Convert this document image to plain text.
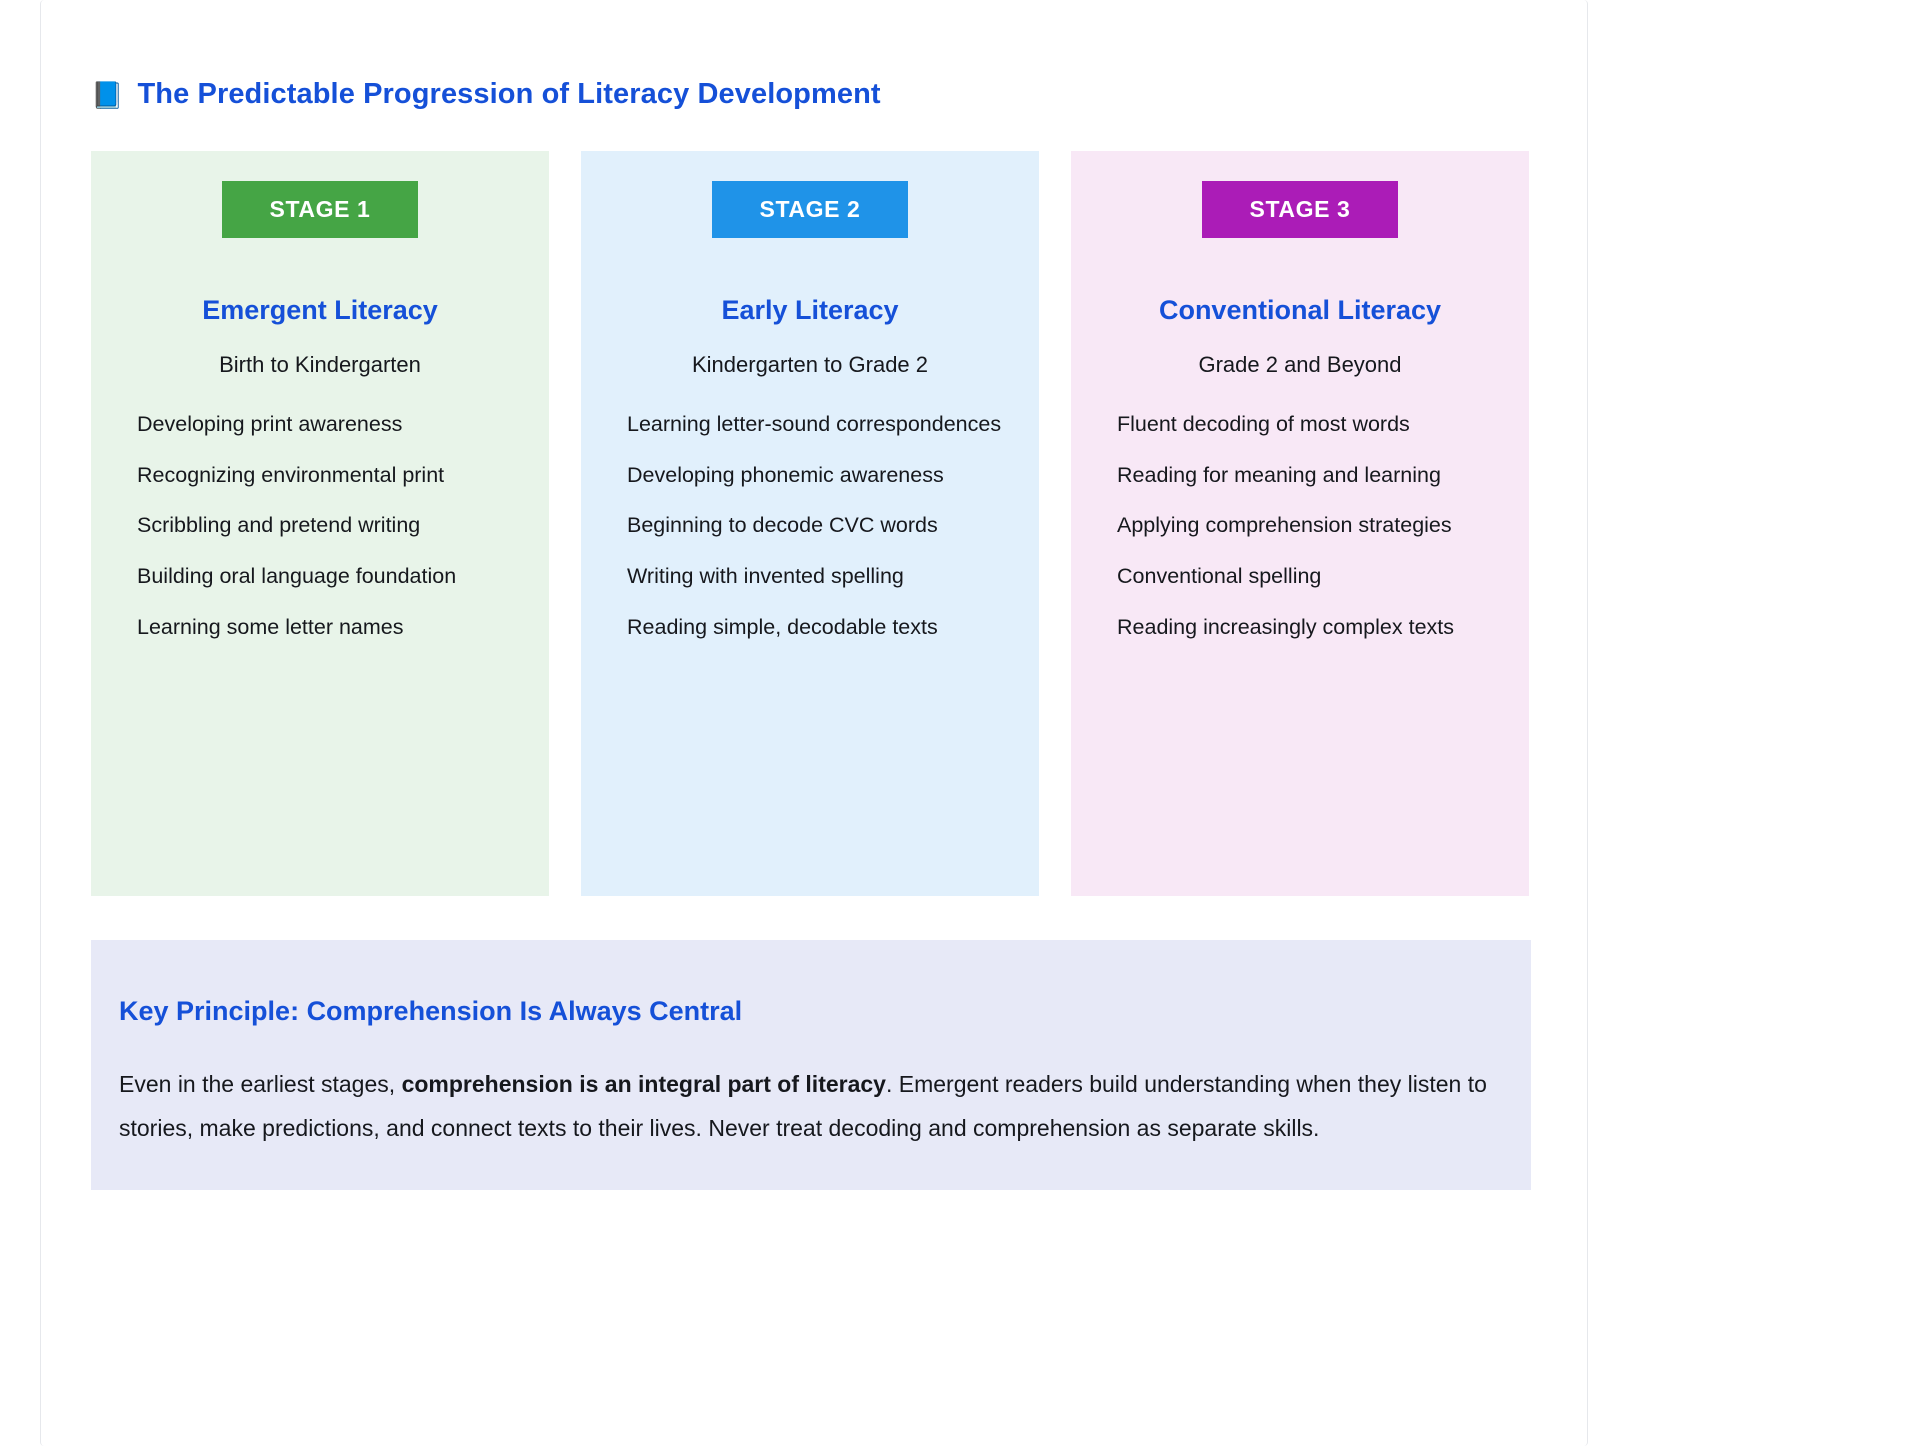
📘 The Predictable Progression of Literacy Development
STAGE 1
Emergent Literacy
Birth to Kindergarten
Developing print awareness
Recognizing environmental print
Scribbling and pretend writing
Building oral language foundation
Learning some letter names
STAGE 2
Early Literacy
Kindergarten to Grade 2
Learning letter-sound correspondences
Developing phonemic awareness
Beginning to decode CVC words
Writing with invented spelling
Reading simple, decodable texts
STAGE 3
Conventional Literacy
Grade 2 and Beyond
Fluent decoding of most words
Reading for meaning and learning
Applying comprehension strategies
Conventional spelling
Reading increasingly complex texts
Key Principle: Comprehension Is Always Central

Even in the earliest stages, comprehension is an integral part of literacy. Emergent readers build understanding when they listen to stories, make predictions, and connect texts to their lives. Never treat decoding and comprehension as separate skills.
